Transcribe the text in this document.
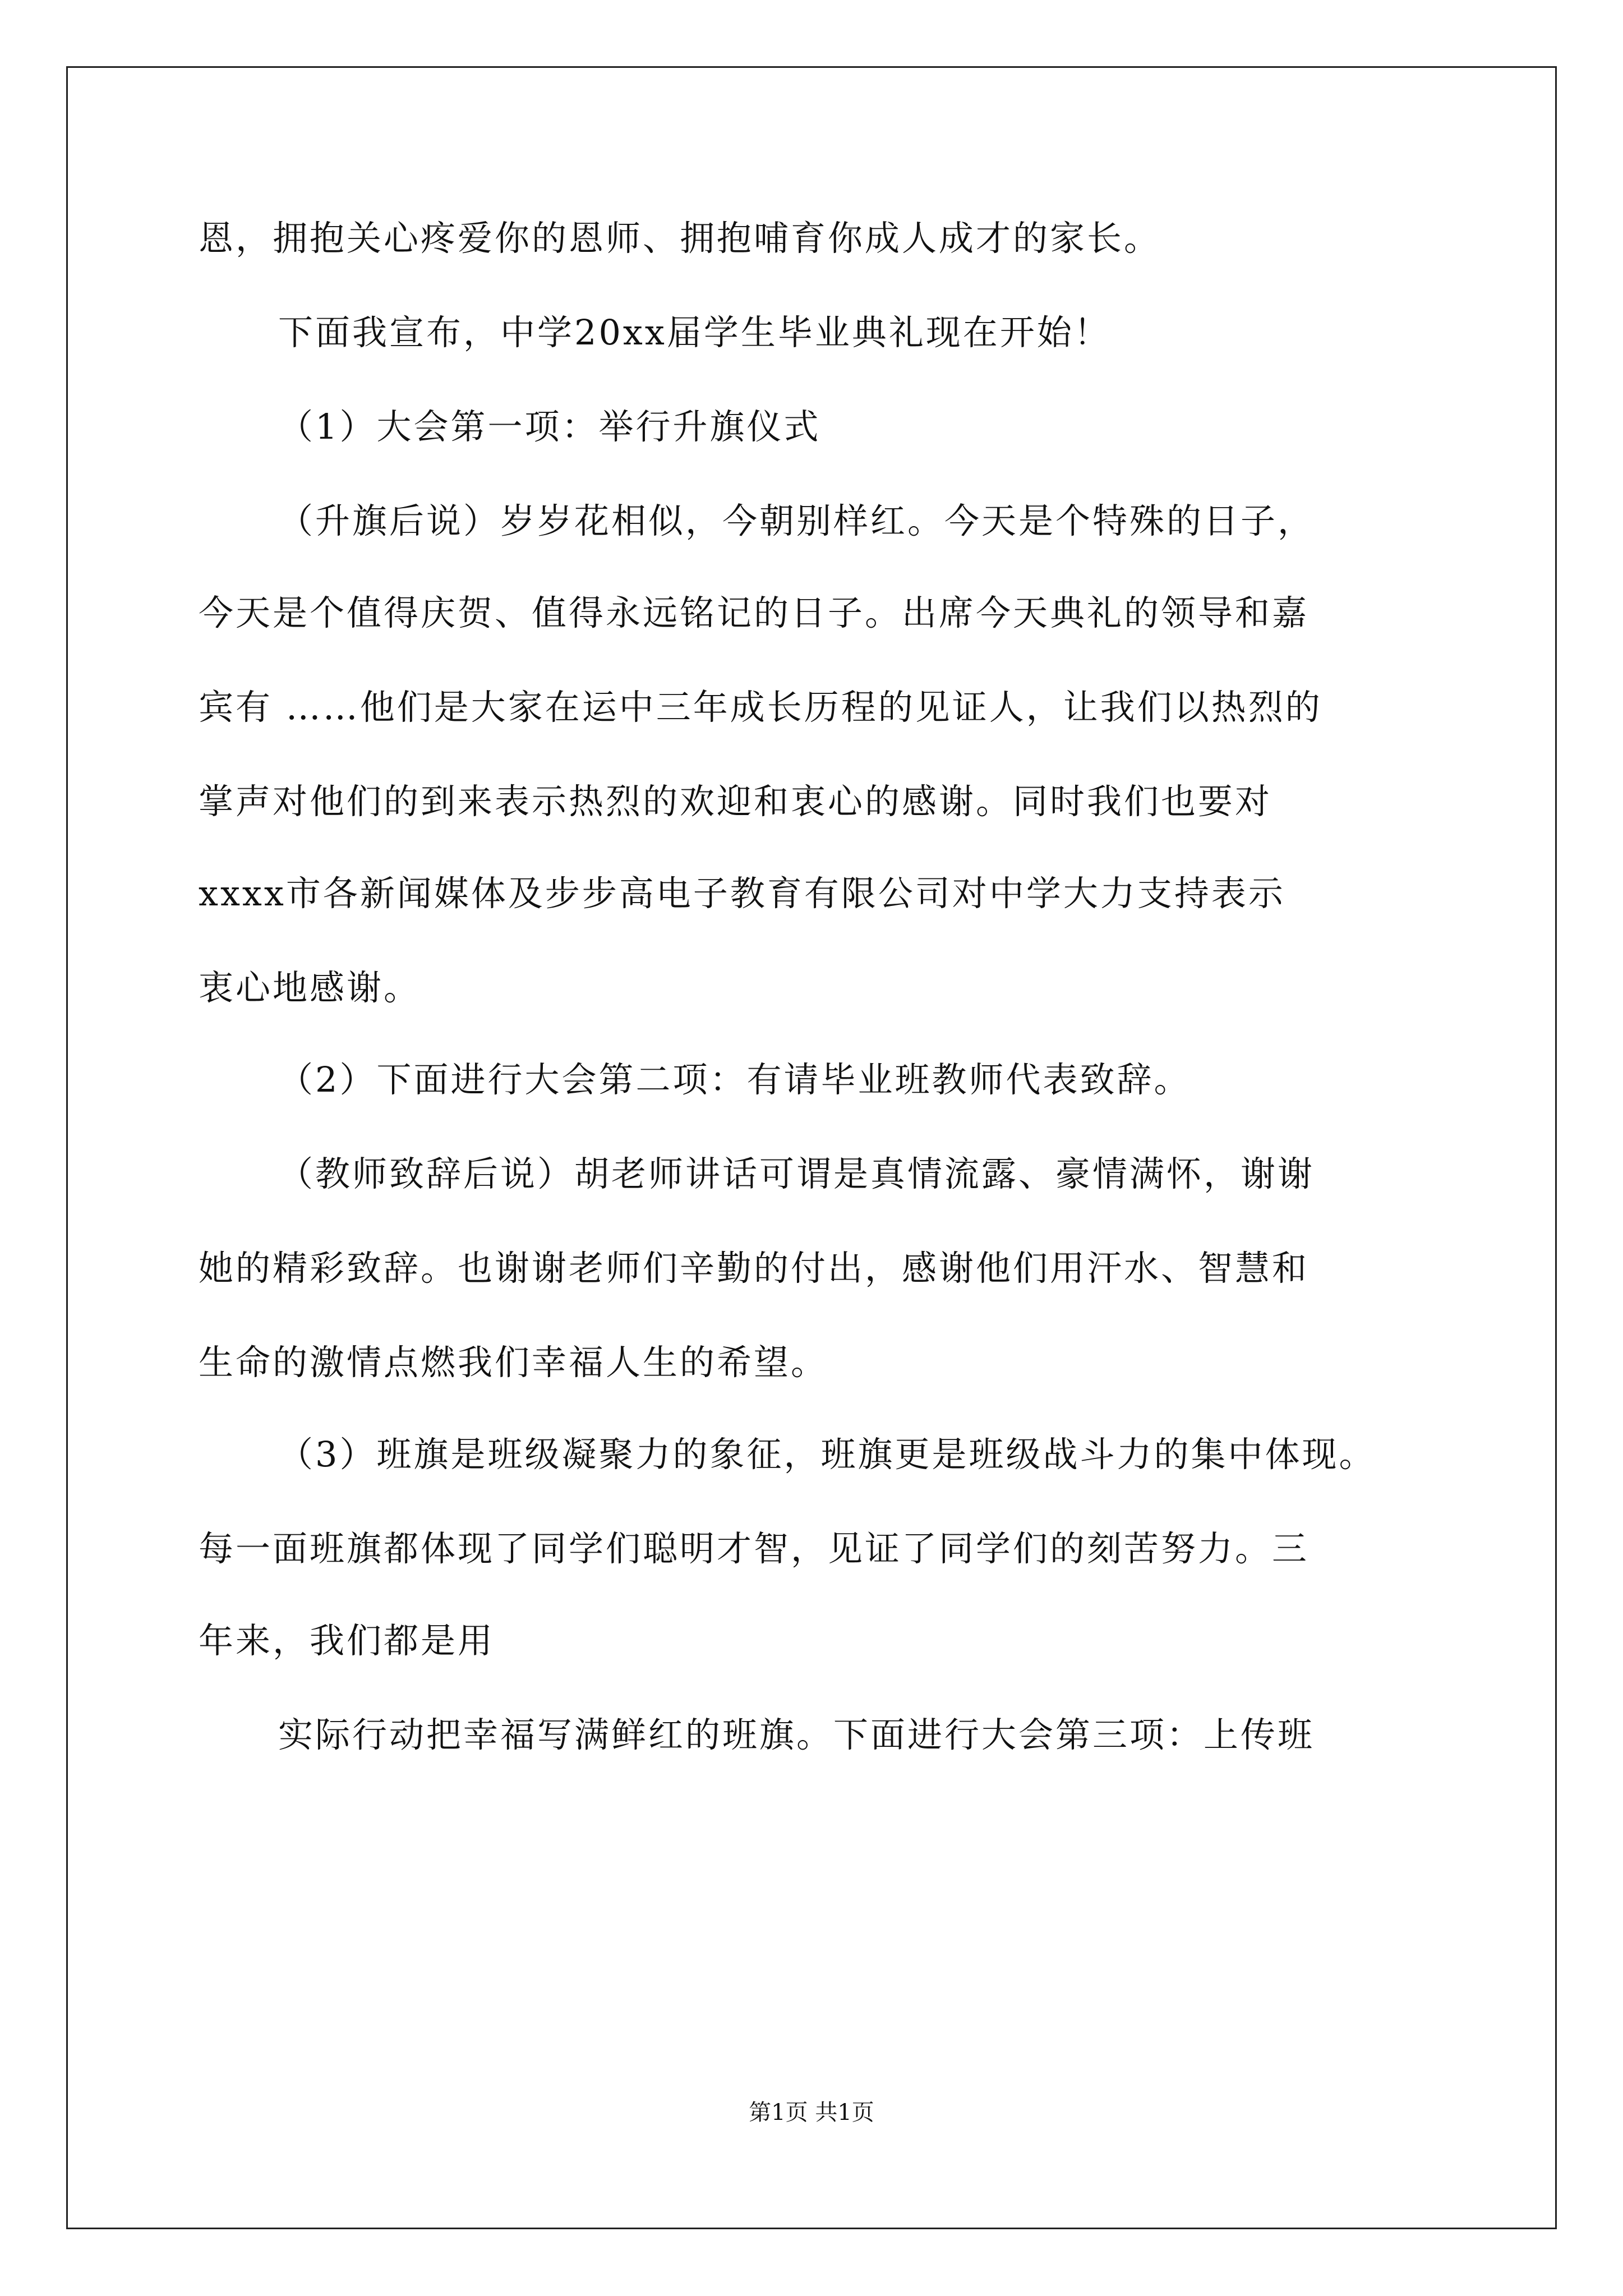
恩，拥抱关心疼爱你的恩师、拥抱哺育你成人成才的家长。
下面我宣布，中学20xx届学生毕业典礼现在开始！
（1）大会第一项：举行升旗仪式
（升旗后说）岁岁花相似，今朝别样红。今天是个特殊的日子，
今天是个值得庆贺、值得永远铭记的日子。出席今天典礼的领导和嘉
宾有 ……他们是大家在运中三年成长历程的见证人，让我们以热烈的
掌声对他们的到来表示热烈的欢迎和衷心的感谢。同时我们也要对
xxxx市各新闻媒体及步步高电子教育有限公司对中学大力支持表示
衷心地感谢。
（2）下面进行大会第二项：有请毕业班教师代表致辞。
（教师致辞后说）胡老师讲话可谓是真情流露、豪情满怀，谢谢
她的精彩致辞。也谢谢老师们辛勤的付出，感谢他们用汗水、智慧和
生命的激情点燃我们幸福人生的希望。
（3）班旗是班级凝聚力的象征，班旗更是班级战斗力的集中体现。
每一面班旗都体现了同学们聪明才智，见证了同学们的刻苦努力。三
年来，我们都是用
实际行动把幸福写满鲜红的班旗。下面进行大会第三项：上传班
第1页 共1页
